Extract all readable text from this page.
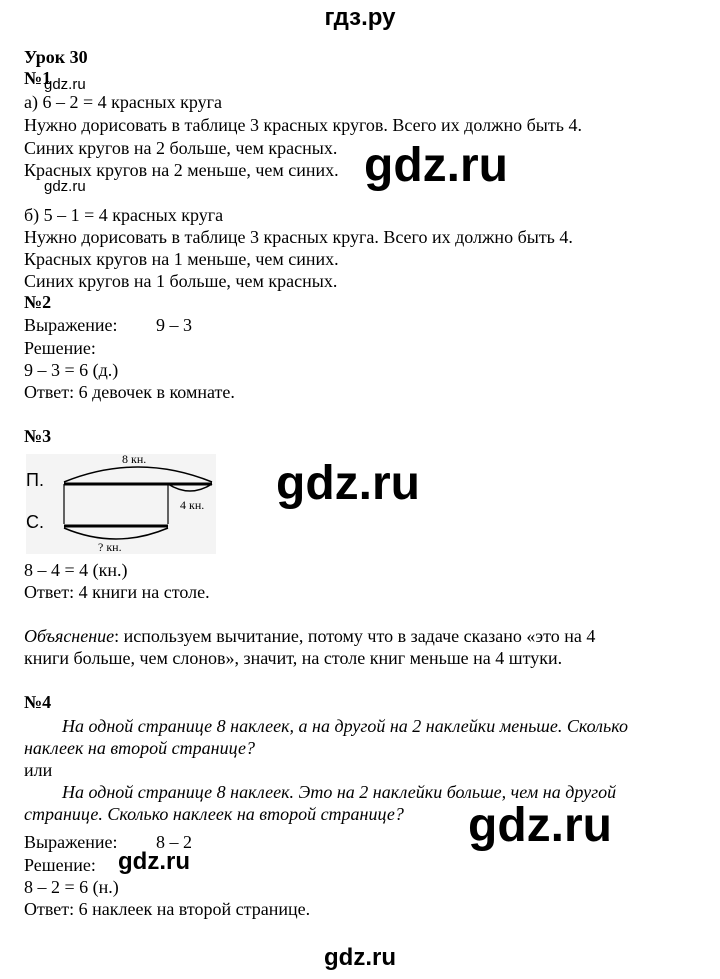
гдз.ру
Урок 30
№1
gdz.ru
а) 6 – 2 = 4 красных круга
Нужно дорисовать в таблице 3 красных кругов. Всего их должно быть 4.
Синих кругов на 2 больше, чем красных.
Красных кругов на 2 меньше, чем синих.
gdz.ru	gdz.ru
б) 5 – 1 = 4 красных круга
Нужно дорисовать в таблице 3 красных круга. Всего их должно быть 4.
Красных кругов на 1 меньше, чем синих.
Синих кругов на 1 больше, чем красных.
№2
Выражение: 9 – 3
Решение:
9 – 3 = 6 (д.)
Ответ: 6 девочек в комнате.
№3
П.
С.
8 кн.
4 кн.
? кн.
gdz.ru
8 – 4 = 4 (кн.)
Ответ: 4 книги на столе.
Объяснение: используем вычитание, потому что в задаче сказано «это на 4
книги больше, чем слонов», значит, на столе книг меньше на 4 штуки.
№4
На одной странице 8 наклеек, а на другой на 2 наклейки меньше. Сколько
наклеек на второй странице?
или
На одной странице 8 наклеек. Это на 2 наклейки больше, чем на другой
странице. Сколько наклеек на второй странице? gdz.ru
Выражение: 8 – 2
Решение: gdz.ru
8 – 2 = 6 (н.)
Ответ: 6 наклеек на второй странице.
gdz.ru
